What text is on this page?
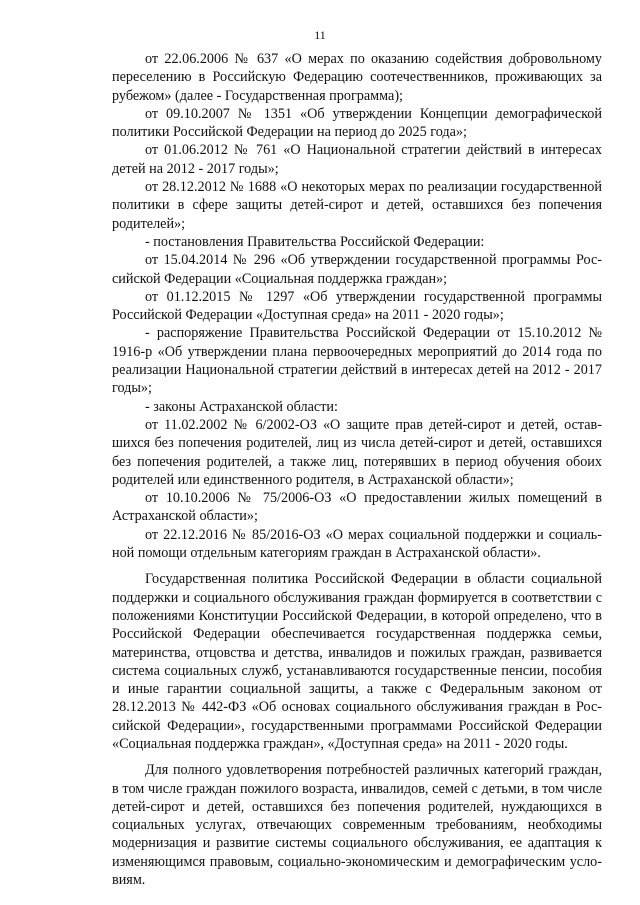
11

от 22.06.2006 № 637 «О мерах по оказанию содействия добровольному переселению в Российскую Федерацию соотечественников, проживающих за рубежом» (далее - Государственная программа);

от 09.10.2007 № 1351 «Об утверждении Концепции демографической политики Российской Федерации на период до 2025 года»;

от 01.06.2012 № 761 «О Национальной стратегии действий в интересах детей на 2012 - 2017 годы»;

от 28.12.2012 № 1688 «О некоторых мерах по реализации государственной политики в сфере защиты детей-сирот и детей, оставшихся без попечения родителей»;

- постановления Правительства Российской Федерации:

от 15.04.2014 № 296 «Об утверждении государственной программы Российской Федерации «Социальная поддержка граждан»;

от 01.12.2015 № 1297 «Об утверждении государственной программы Российской Федерации «Доступная среда» на 2011 - 2020 годы»;

- распоряжение Правительства Российской Федерации от 15.10.2012 № 1916-р «Об утверждении плана первоочередных мероприятий до 2014 года по реализации Национальной стратегии действий в интересах детей на 2012 - 2017 годы»;

- законы Астраханской области:

от 11.02.2002 № 6/2002-ОЗ «О защите прав детей-сирот и детей, оставшихся без попечения родителей, лиц из числа детей-сирот и детей, оставшихся без попечения родителей, а также лиц, потерявших в период обучения обоих родителей или единственного родителя, в Астраханской области»;

от 10.10.2006 № 75/2006-ОЗ «О предоставлении жилых помещений в Астраханской области»;

от 22.12.2016 № 85/2016-ОЗ «О мерах социальной поддержки и социальной помощи отдельным категориям граждан в Астраханской области».

Государственная политика Российской Федерации в области социальной поддержки и социального обслуживания граждан формируется в соответствии с положениями Конституции Российской Федерации, в которой определено, что в Российской Федерации обеспечивается государственная поддержка семьи, материнства, отцовства и детства, инвалидов и пожилых граждан, развивается система социальных служб, устанавливаются государственные пенсии, пособия и иные гарантии социальной защиты, а также с Федеральным законом от 28.12.2013 № 442-ФЗ «Об основах социального обслуживания граждан в Российской Федерации», государственными программами Российской Федерации «Социальная поддержка граждан», «Доступная среда» на 2011 - 2020 годы.

Для полного удовлетворения потребностей различных категорий граждан, в том числе граждан пожилого возраста, инвалидов, семей с детьми, в том числе детей-сирот и детей, оставшихся без попечения родителей, нуждающихся в социальных услугах, отвечающих современным требованиям, необходимы модернизация и развитие системы социального обслуживания, ее адаптация к изменяющимся правовым, социально-экономическим и демографическим условиям.
